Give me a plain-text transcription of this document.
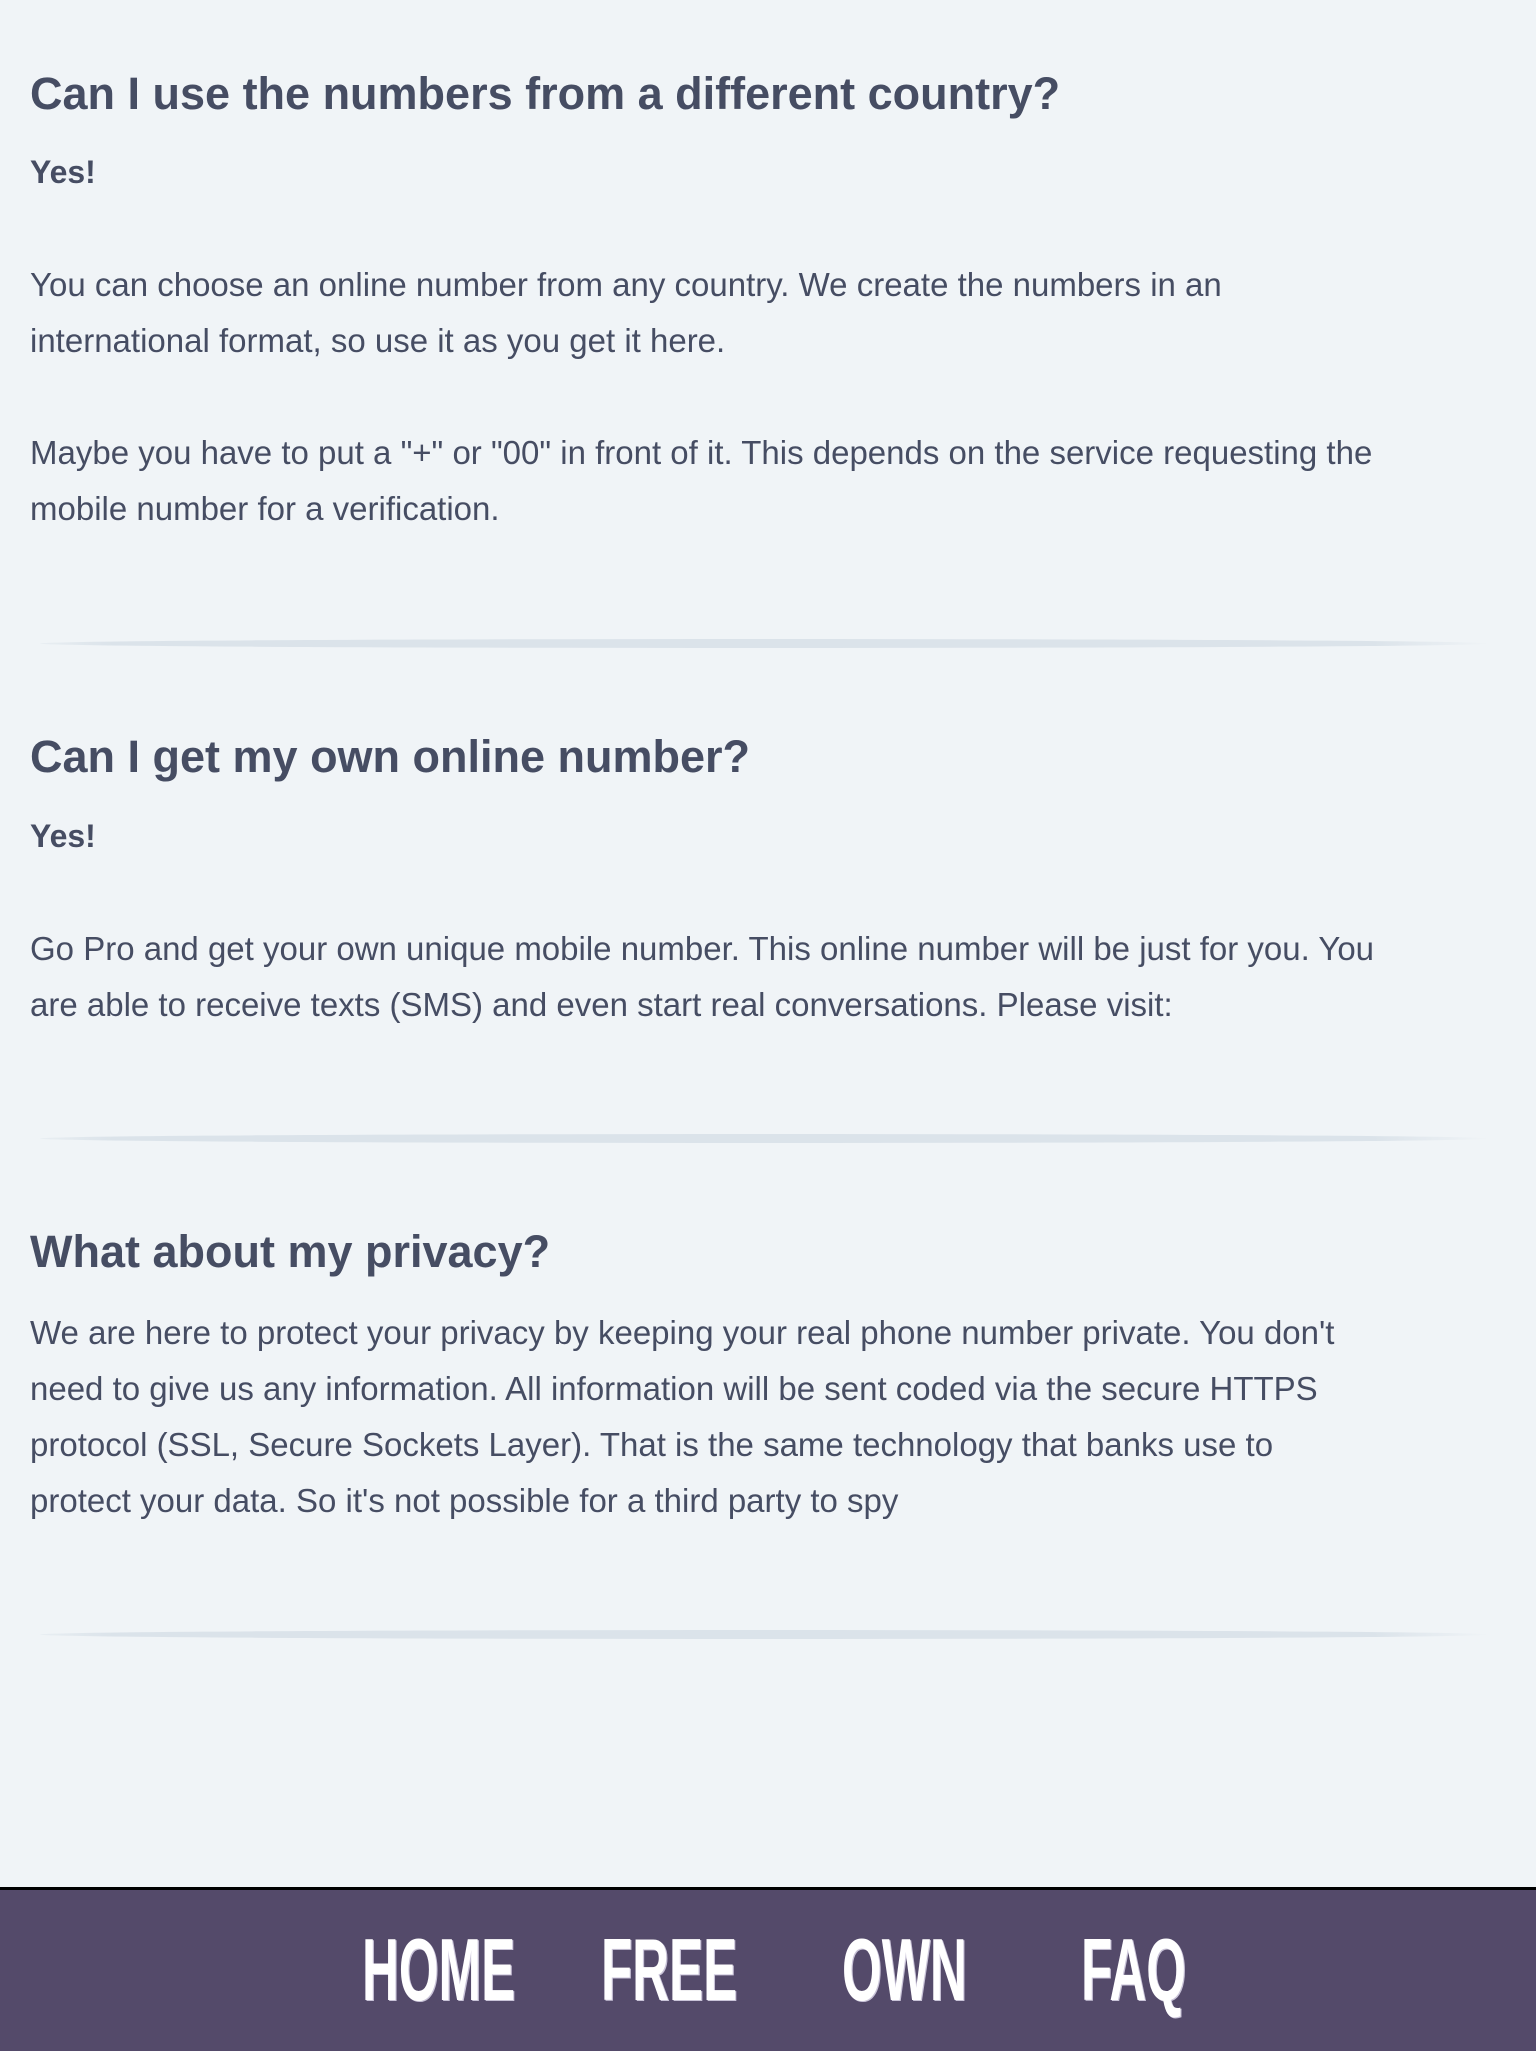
Can I use the numbers from a different country?
Yes!
You can choose an online number from any country. We create the numbers in an
international format, so use it as you get it here.
Maybe you have to put a "+" or "00" in front of it. This depends on the service requesting the
mobile number for a verification.
Can I get my own online number?
Yes!
Go Pro and get your own unique mobile number. This online number will be just for you. You
are able to receive texts (SMS) and even start real conversations. Please visit:
What about my privacy?
We are here to protect your privacy by keeping your real phone number private. You don't
need to give us any information. All information will be sent coded via the secure HTTPS
protocol (SSL, Secure Sockets Layer). That is the same technology that banks use to
protect your data. So it's not possible for a third party to spy
HOME FREE OWN FAQ
